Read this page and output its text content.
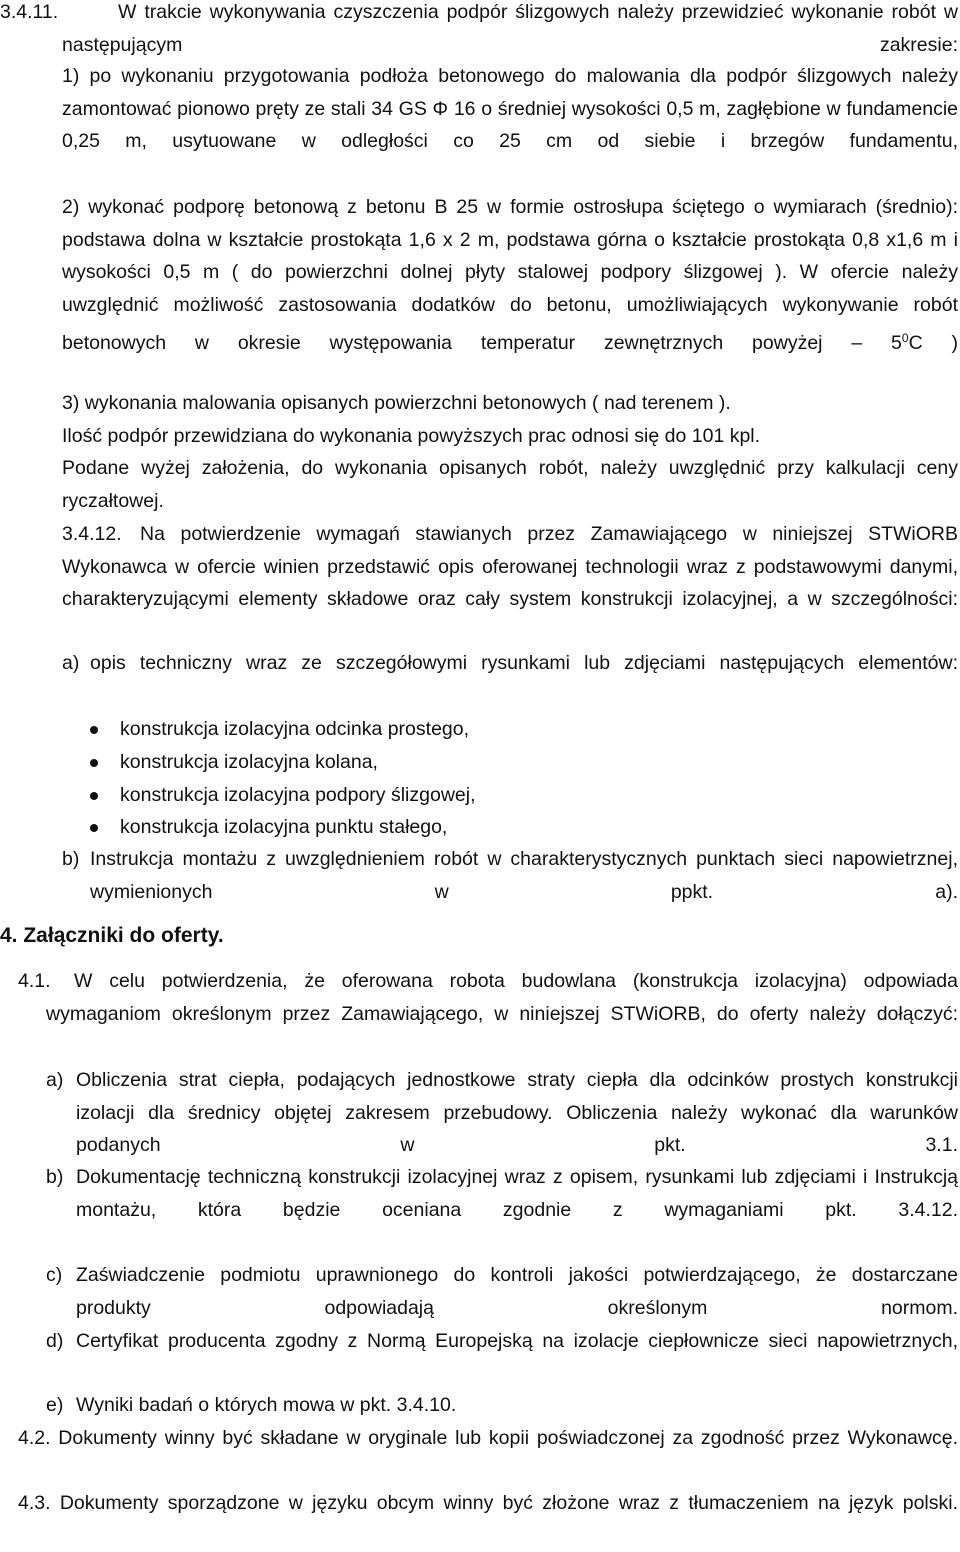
3.4.11.	W trakcie wykonywania czyszczenia podpór ślizgowych należy przewidzieć wykonanie robót w następującym zakresie:

1) po wykonaniu przygotowania podłoża betonowego do malowania dla podpór ślizgowych należy zamontować pionowo pręty ze stali 34 GS Φ 16 o średniej wysokości 0,5 m, zagłębione w fundamencie 0,25 m, usytuowane w odległości co 25 cm od siebie i brzegów fundamentu,

2) wykonać podporę betonową z betonu B 25 w formie ostrosłupa ściętego o wymiarach (średnio): podstawa dolna w kształcie prostokąta 1,6 x 2 m, podstawa górna o kształcie prostokąta 0,8 x1,6 m i wysokości 0,5 m ( do powierzchni dolnej płyty stalowej podpory ślizgowej ). W ofercie należy uwzględnić możliwość zastosowania dodatków do betonu, umożliwiających wykonywanie robót betonowych w okresie występowania temperatur zewnętrznych powyżej – $5^0C$ )

3) wykonania malowania opisanych powierzchni betonowych ( nad terenem ).

Ilość podpór przewidziana do wykonania powyższych prac odnosi się do 101 kpl.

Podane wyżej założenia, do wykonania opisanych robót, należy uwzględnić przy kalkulacji ceny ryczałtowej.

Na potwierdzenie wymagań stawianych przez Zamawiającego w niniejszej STWiORB Wykonawca w ofercie winien przedstawić opis oferowanej technologii wraz z podstawowymi danymi, charakteryzującymi elementy składowe oraz cały system konstrukcji izolacyjnej, a w szczególności:

3.4.12.
a) opis techniczny wraz ze szczegółowymi rysunkami lub zdjęciami następujących elementów:

konstrukcja izolacyjna odcinka prostego,

konstrukcja izolacyjna kolana,

konstrukcja izolacyjna podpory ślizgowej,

konstrukcja izolacyjna punktu stałego,

b) Instrukcja montażu z uwzględnieniem robót w charakterystycznych punktach sieci napowietrznej, wymienionych w ppkt. a).

4. Załączniki do oferty.
4.1.	W celu potwierdzenia, że oferowana robota budowlana (konstrukcja izolacyjna) odpowiada wymaganiom określonym przez Zamawiającego, w niniejszej STWiORB, do oferty należy dołączyć:

a) Obliczenia strat ciepła, podających jednostkowe straty ciepła dla odcinków prostych konstrukcji izolacji dla średnicy objętej zakresem przebudowy. Obliczenia należy wykonać dla warunków podanych w pkt. 3.1.

b) Dokumentację techniczną konstrukcji izolacyjnej wraz z opisem, rysunkami lub zdjęciami i Instrukcją montażu, która będzie oceniana zgodnie z wymaganiami pkt. 3.4.12.

c) Zaświadczenie podmiotu uprawnionego do kontroli jakości potwierdzającego, że dostarczane produkty odpowiadają określonym normom.

d) Certyfikat producenta zgodny z Normą Europejską na izolacje ciepłownicze sieci napowietrznych,

e) Wyniki badań o których mowa w pkt. 3.4.10.

4.2. Dokumenty winny być składane w oryginale lub kopii poświadczonej za zgodność przez Wykonawcę.

4.3. Dokumenty sporządzone w języku obcym winny być złożone wraz z tłumaczeniem na język polski.
